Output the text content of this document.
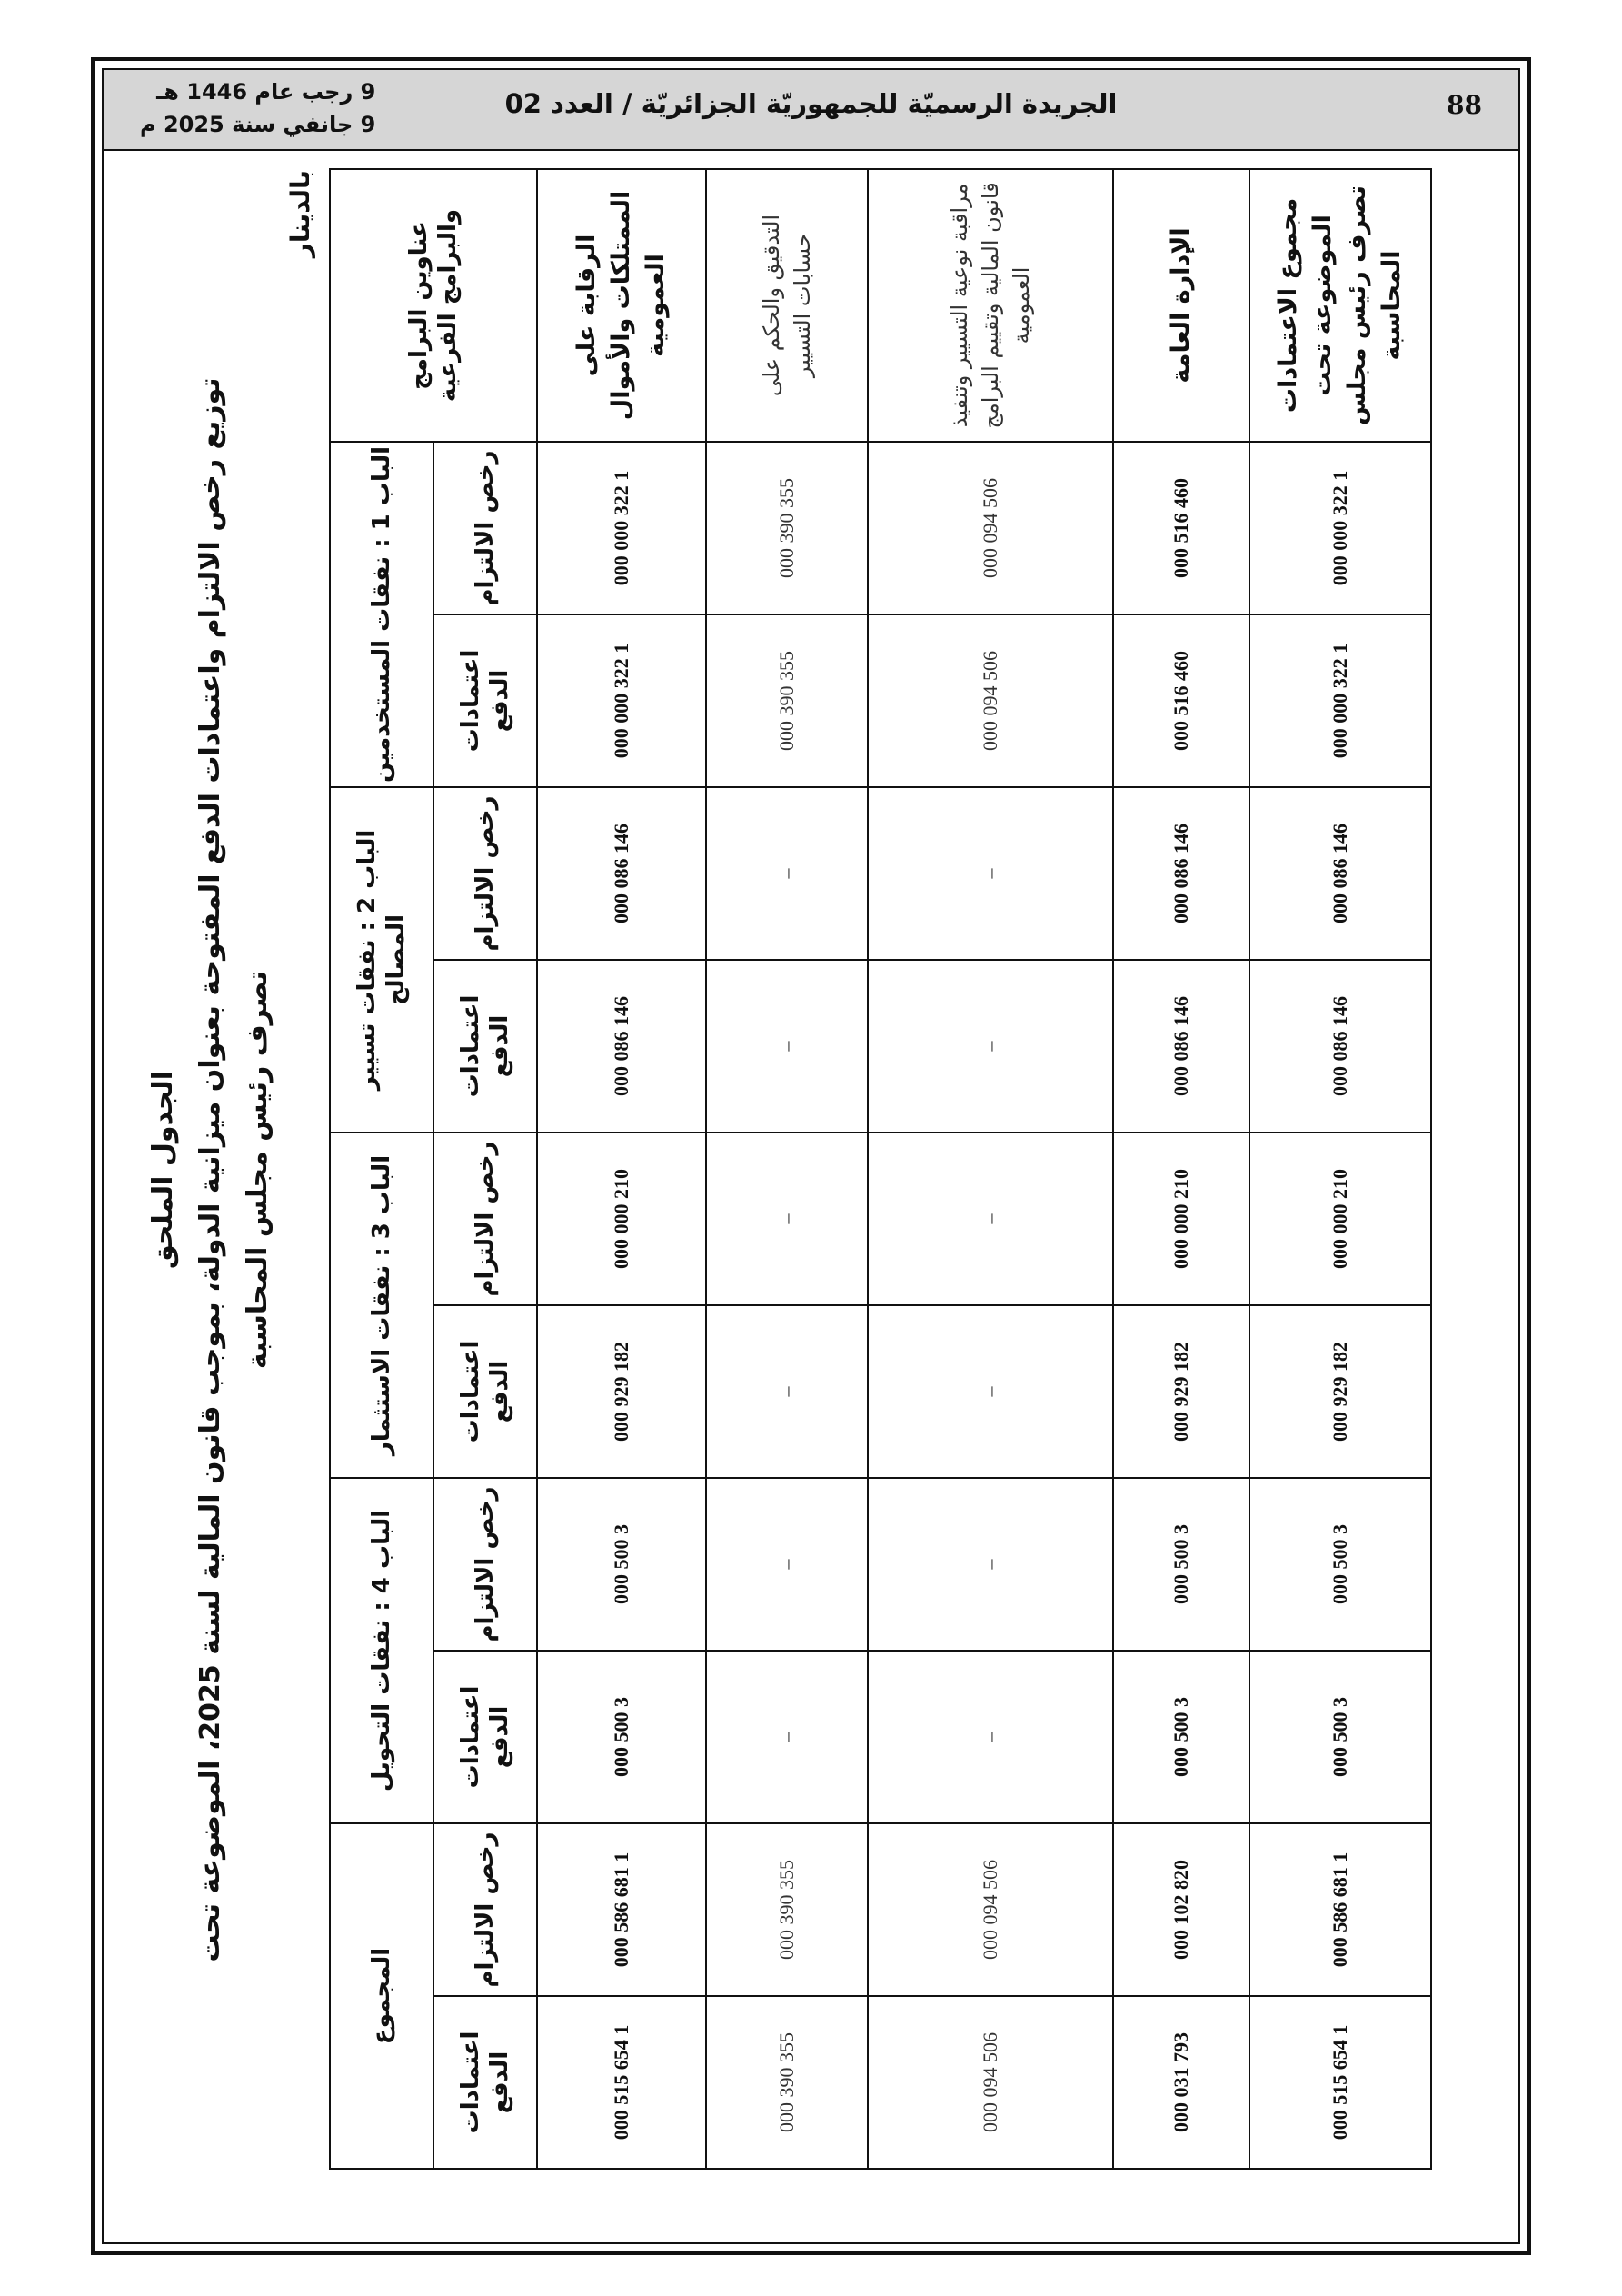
88
الجريدة الرسميّة للجمهوريّة الجزائريّة / العدد 02
9 رجب عام 1446 هـ
9 جانفي سنة 2025 م
الجدول الملحق
توزيع رخص الالتزام واعتمادات الدفع المفتوحة بعنوان ميزانية الدولة، بموجب قانون المالية لسنة 2025، الموضوعة تحت تصرف رئيس مجلس المحاسبة
بالدينار
عناوين البرامج والبرامج الفرعية	الباب 1 : نفقات المستخدمين		الباب 2 : نفقات تسيير المصالح		الباب 3 : نفقات الاستثمار		الباب 4 : نفقات التحويل		المجموع	
	رخص الالتزام	اعتمادات الدفع	رخص الالتزام	اعتمادات الدفع	رخص الالتزام	اعتمادات الدفع	رخص الالتزام	اعتمادات الدفع	رخص الالتزام	اعتمادات الدفع
الرقابة على الممتلكات والأموال العمومية	1 322 000 000	1 322 000 000	146 086 000	146 086 000	210 000 000	182 929 000	3 500 000	3 500 000	1 681 586 000	1 654 515 000
التدقيق والحكم على حسابات التسيير	355 390 000	355 390 000	–	–	–	–	–	–	355 390 000	355 390 000
مراقبة نوعية التسيير وتنفيذ قانون المالية وتقييم البرامج العمومية	506 094 000	506 094 000	–	–	–	–	–	–	506 094 000	506 094 000
الإدارة العامة	460 516 000	460 516 000	146 086 000	146 086 000	210 000 000	182 929 000	3 500 000	3 500 000	820 102 000	793 031 000
مجموع الاعتمادات الموضوعة تحت تصرف رئيس مجلس المحاسبة	1 322 000 000	1 322 000 000	146 086 000	146 086 000	210 000 000	182 929 000	3 500 000	3 500 000	1 681 586 000	1 654 515 000
